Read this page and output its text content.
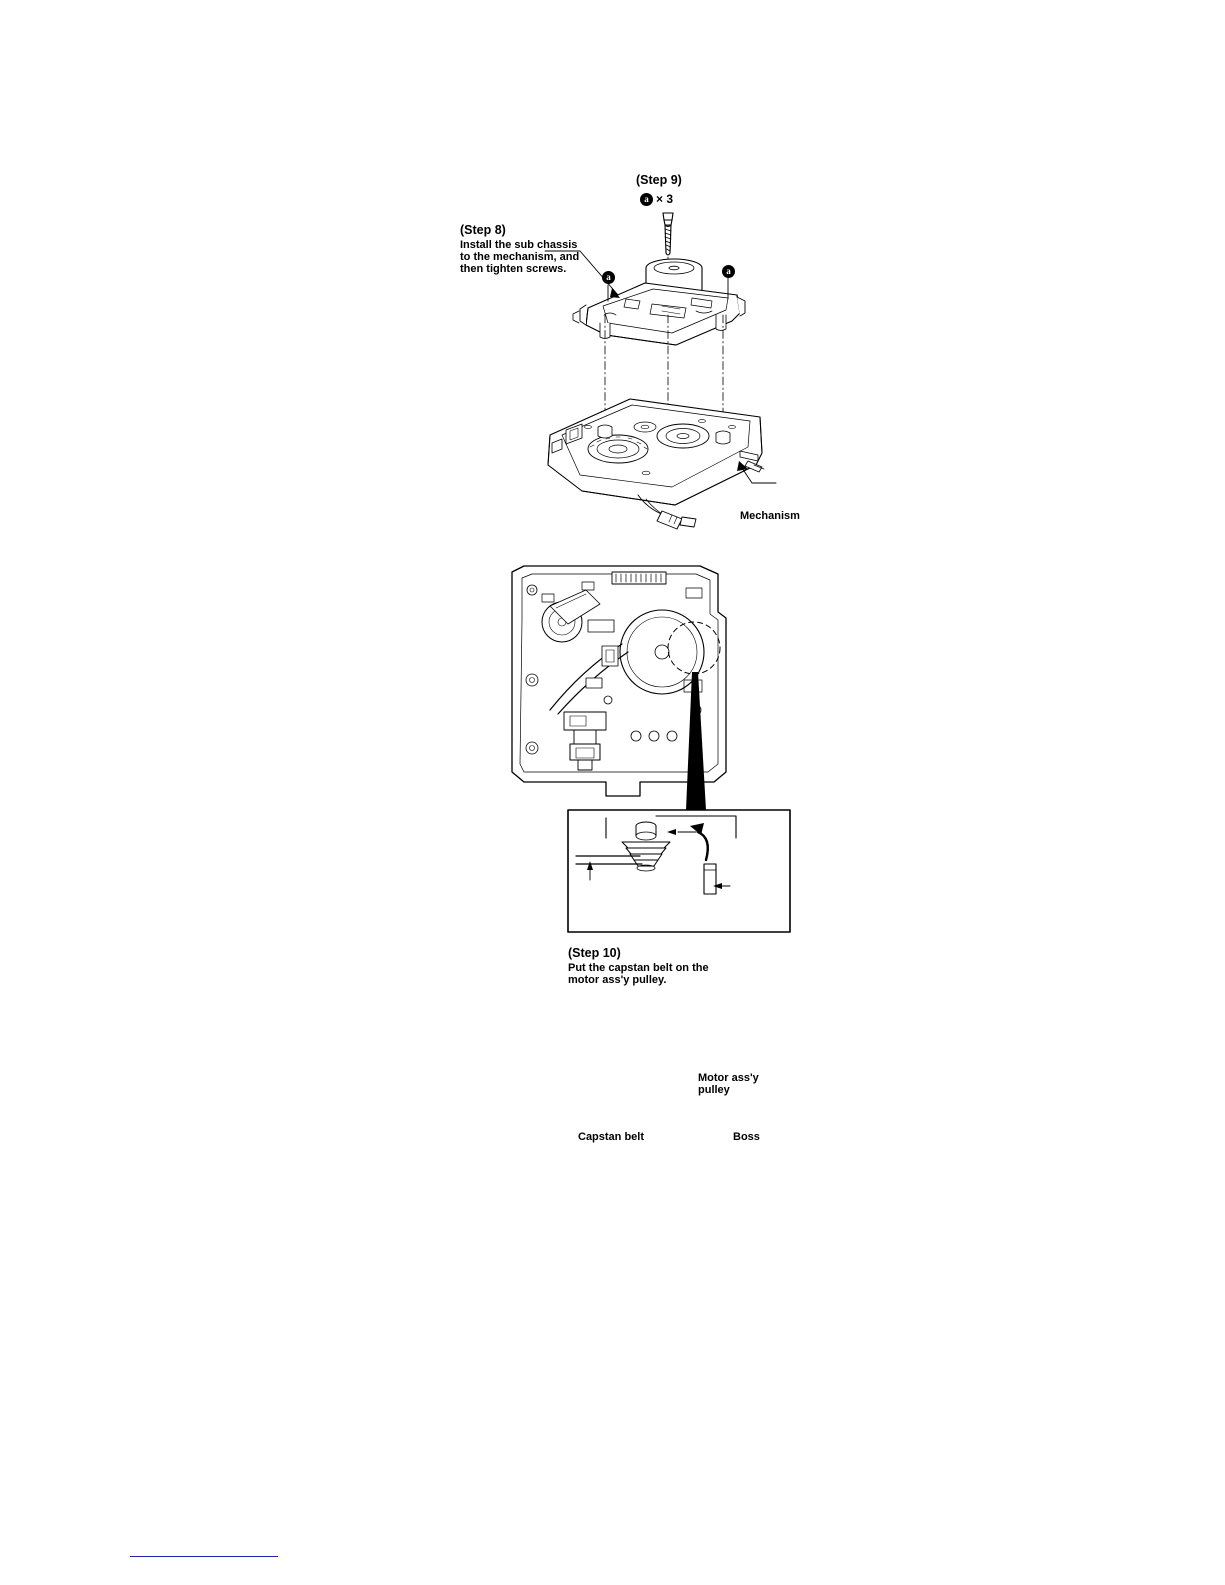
(Step 8)
Install the sub chassis
to the mechanism, and
then tighten screws.
(Step 9)
a × 3
a
a
Mechanism
Motor ass'y
pulley
Capstan belt	Boss
(Step 10)
Put the capstan belt on the
motor ass'y pulley.
